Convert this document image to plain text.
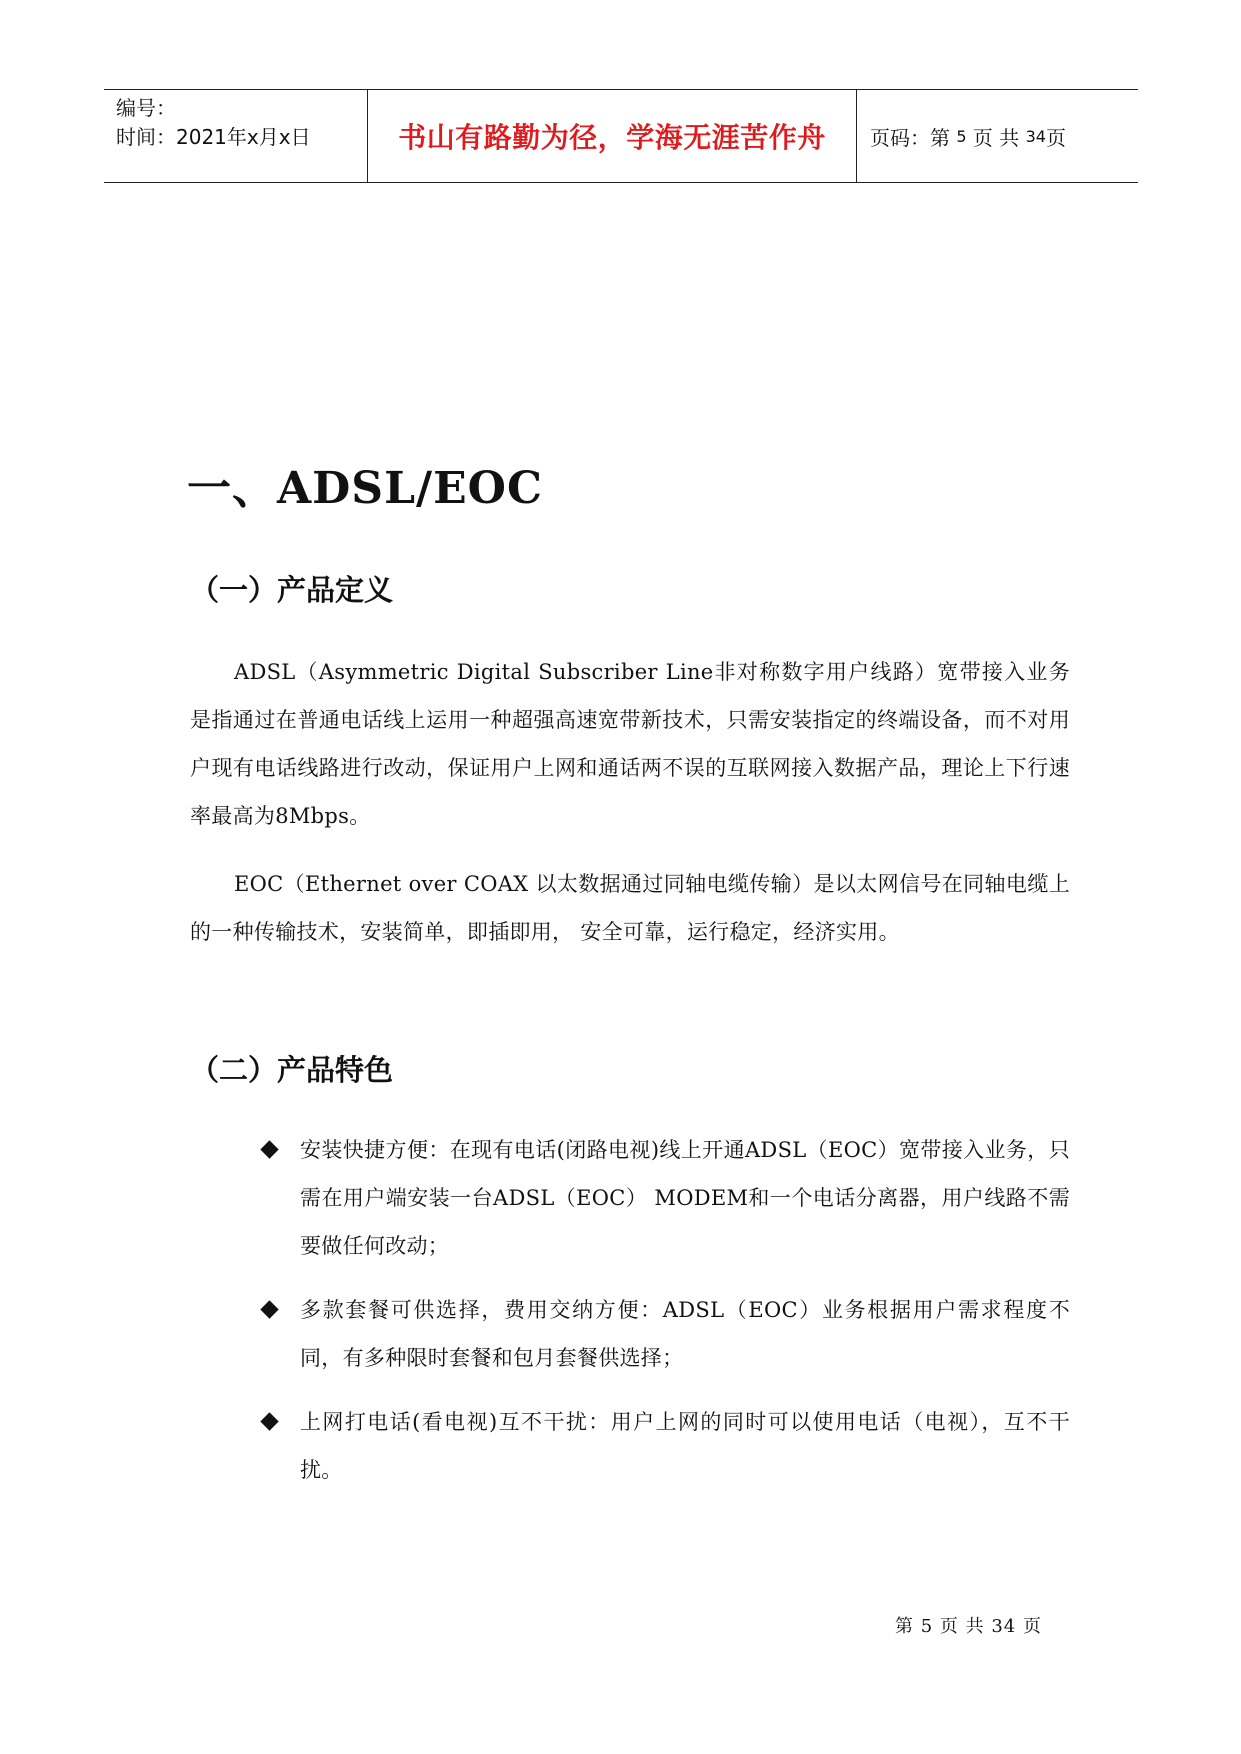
编号：
时间：2021年x月x日	书山有路勤为径，学海无涯苦作舟	页码：第
5
页 共
34 页
一、ADSL/EOC
（一）产品定义
ADSL（Asymmetric Digital Subscriber Line非对称数字用户线路）宽带接入业务是指通过在普通电话线上运用一种超强高速宽带新技术，只需安装指定的终端设备，而不对用户现有电话线路进行改动，保证用户上网和通话两不误的互联网接入数据产品，理论上下行速率最高为8Mbps。
EOC（Ethernet over COAX 以太数据通过同轴电缆传输）是以太网信号在同轴电缆上的一种传输技术，安装简单，即插即用， 安全可靠，运行稳定，经济实用。
（二）产品特色
安装快捷方便：在现有电话(闭路电视)线上开通ADSL（EOC）宽带接入业务，只需在用户端安装一台ADSL（EOC） MODEM和一个电话分离器，用户线路不需要做任何改动；
多款套餐可供选择，费用交纳方便：ADSL（EOC）业务根据用户需求程度不同，有多种限时套餐和包月套餐供选择；
上网打电话(看电视)互不干扰：用户上网的同时可以使用电话（电视），互不干扰。
第 5 页 共 34 页
